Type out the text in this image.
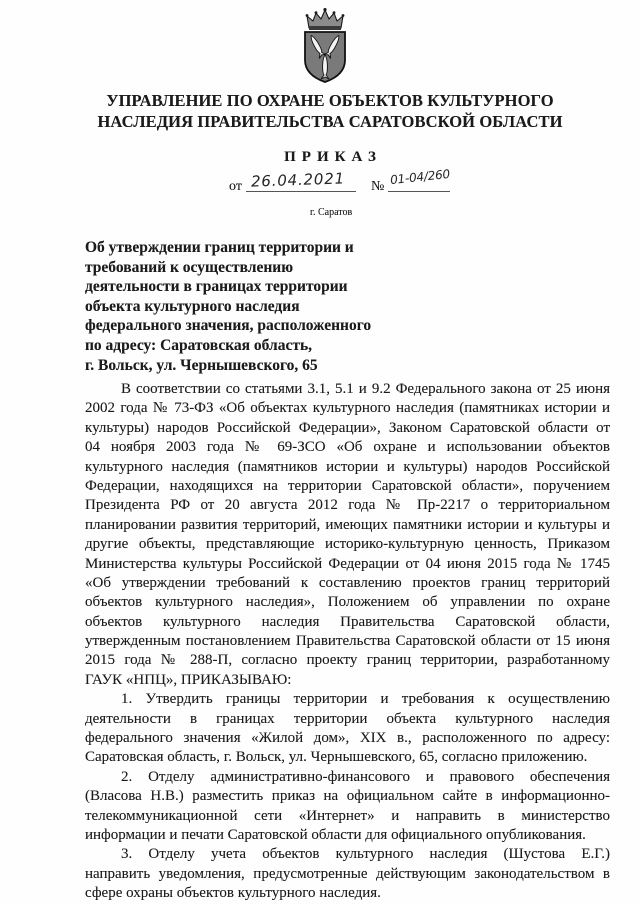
УПРАВЛЕНИЕ ПО ОХРАНЕ ОБЪЕКТОВ КУЛЬТУРНОГО
НАСЛЕДИЯ ПРАВИТЕЛЬСТВА САРАТОВСКОЙ ОБЛАСТИ
ПРИКАЗ
от 26.04.2021 № 01-04/260
г. Саратов
Об утверждении границ территории и
требований к осуществлению
деятельности в границах территории
объекта культурного наследия
федерального значения, расположенного
по адресу: Саратовская область,
г. Вольск, ул. Чернышевского, 65
В соответствии со статьями 3.1, 5.1 и 9.2 Федерального закона от 25 июня
2002 года № 73-ФЗ «Об объектах культурного наследия (памятниках истории и
культуры) народов Российской Федерации», Законом Саратовской области от
04 ноября 2003 года № 69-ЗСО «Об охране и использовании объектов
культурного наследия (памятников истории и культуры) народов Российской
Федерации, находящихся на территории Саратовской области», поручением
Президента РФ от 20 августа 2012 года № Пр-2217 о территориальном
планировании развития территорий, имеющих памятники истории и культуры и
другие объекты, представляющие историко-культурную ценность, Приказом
Министерства культуры Российской Федерации от 04 июня 2015 года № 1745
«Об утверждении требований к составлению проектов границ территорий
объектов культурного наследия», Положением об управлении по охране
объектов культурного наследия Правительства Саратовской области,
утвержденным постановлением Правительства Саратовской области от 15 июня
2015 года № 288-П, согласно проекту границ территории, разработанному
ГАУК «НПЦ», ПРИКАЗЫВАЮ:
1. Утвердить границы территории и требования к осуществлению
деятельности в границах территории объекта культурного наследия
федерального значения «Жилой дом», XIX в., расположенного по адресу:
Саратовская область, г. Вольск, ул. Чернышевского, 65, согласно приложению.
2. Отделу административно-финансового и правового обеспечения
(Власова Н.В.) разместить приказ на официальном сайте в информационно-
телекоммуникационной сети «Интернет» и направить в министерство
информации и печати Саратовской области для официального опубликования.
3. Отделу учета объектов культурного наследия (Шустова Е.Г.)
направить уведомления, предусмотренные действующим законодательством в
сфере охраны объектов культурного наследия.
